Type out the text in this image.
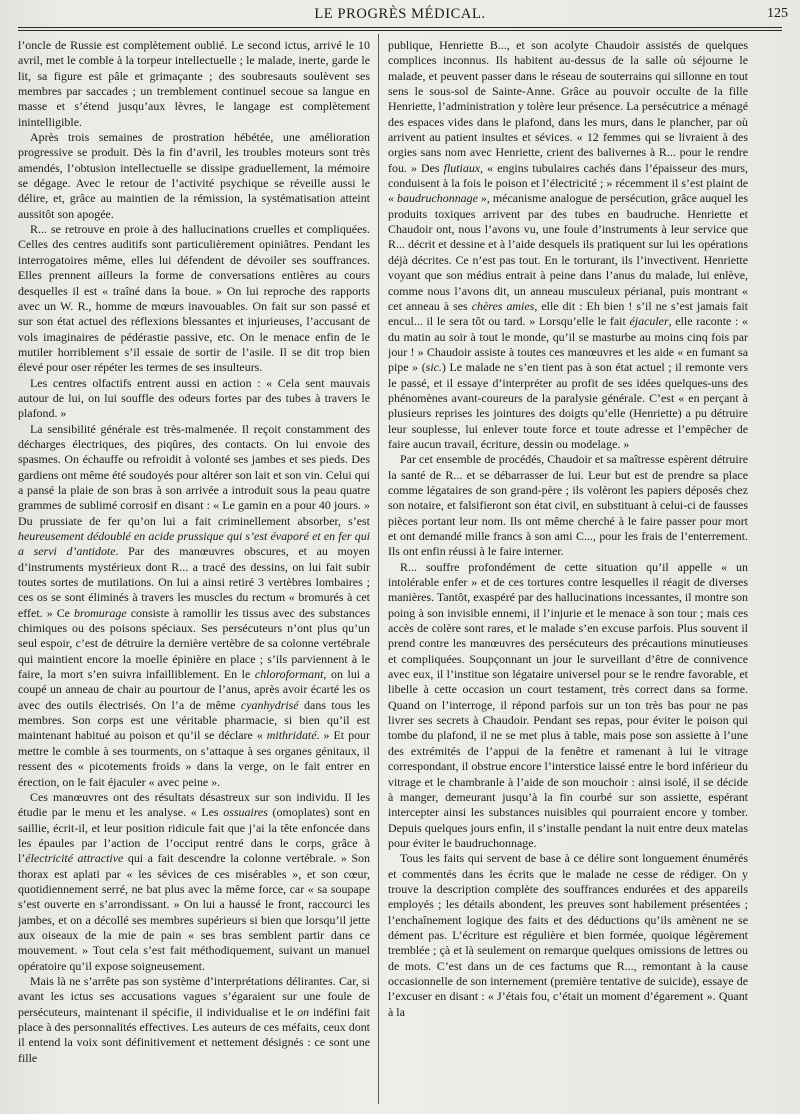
LE PROGRÈS MÉDICAL.	125

l’oncle de Russie est complètement oublié. Le second ictus, arrivé le 10 avril, met le comble à la torpeur intellectuelle ; le malade, inerte, garde le lit, sa figure est pâle et grimaçante ; des soubresauts soulèvent ses membres par saccades ; un tremblement continuel secoue sa langue en masse et s’étend jusqu’aux lèvres, le langage est complètement inintelligible.

Après trois semaines de prostration hébétée, une amélioration progressive se produit. Dès la fin d’avril, les troubles moteurs sont très amendés, l’obtusion intellectuelle se dissipe graduellement, la mémoire se dégage. Avec le retour de l’activité psychique se réveille aussi le délire, et, grâce au maintien de la rémission, la systématisation atteint aussitôt son apogée.

R... se retrouve en proie à des hallucinations cruelles et compliquées. Celles des centres auditifs sont particulièrement opiniâtres. Pendant les interrogatoires même, elles lui défendent de dévoiler ses souffrances. Elles prennent ailleurs la forme de conversations entières au cours desquelles il est « traîné dans la boue. » On lui reproche des rapports avec un W. R., homme de mœurs inavouables. On fait sur son passé et sur son état actuel des réflexions blessantes et injurieuses, l’accusant de vols imaginaires de pédérastie passive, etc. On le menace enfin de le mutiler horriblement s’il essaie de sortir de l’asile. Il se dit trop bien élevé pour oser répéter les termes de ses insulteurs.

Les centres olfactifs entrent aussi en action : « Cela sent mauvais autour de lui, on lui souffle des odeurs fortes par des tubes à travers le plafond. »

La sensibilité générale est très-malmenée. Il reçoit constamment des décharges électriques, des piqûres, des contacts. On lui envoie des spasmes. On échauffe ou refroidit à volonté ses jambes et ses pieds. Des gardiens ont même été soudoyés pour altérer son lait et son vin. Celui qui a pansé la plaie de son bras à son arrivée a introduit sous la peau quatre grammes de sublimé corrosif en disant : « Le gamin en a pour 40 jours. » Du prussiate de fer qu’on lui a fait criminellement absorber, s’est heureusement dédoublé en acide prussique qui s’est évaporé et en fer qui a servi d’antidote. Par des manœuvres obscures, et au moyen d’instruments mystérieux dont R... a tracé des dessins, on lui fait subir toutes sortes de mutilations. On lui a ainsi retiré 3 vertèbres lombaires ; ces os se sont éliminés à travers les muscles du rectum « bromurés à cet effet. » Ce bromurage consiste à ramollir les tissus avec des substances chimiques ou des poisons spéciaux. Ses persécuteurs n’ont plus qu’un seul espoir, c’est de détruire la dernière vertèbre de sa colonne vertébrale qui maintient encore la moelle épinière en place ; s’ils parviennent à le faire, la mort s’en suivra infailliblement. En le chloroformant, on lui a coupé un anneau de chair au pourtour de l’anus, après avoir écarté les os avec des outils électrisés. On l’a de même cyanhydrisé dans tous les membres. Son corps est une véritable pharmacie, si bien qu’il est maintenant habitué au poison et qu’il se déclare « mithridaté. » Et pour mettre le comble à ses tourments, on s’attaque à ses organes génitaux, il ressent des « picotements froids » dans la verge, on le fait entrer en érection, on le fait éjaculer « avec peine ».

Ces manœuvres ont des résultats désastreux sur son individu. Il les étudie par le menu et les analyse. « Les ossuaires (omoplates) sont en saillie, écrit-il, et leur position ridicule fait que j’ai la tête enfoncée dans les épaules par l’action de l’occiput rentré dans le corps, grâce à l’électricité attractive qui a fait descendre la colonne vertébrale. » Son thorax est aplati par « les sévices de ces misérables », et son cœur, quotidiennement serré, ne bat plus avec la même force, car « sa soupape s’est ouverte en s’arrondissant. » On lui a haussé le front, raccourci les jambes, et on a décollé ses membres supérieurs si bien que lorsqu’il jette aux oiseaux de la mie de pain « ses bras semblent partir dans ce mouvement. » Tout cela s’est fait méthodiquement, suivant un manuel opératoire qu’il expose soigneusement.

Mais là ne s’arrête pas son système d’interprétations délirantes. Car, si avant les ictus ses accusations vagues s’égaraient sur une foule de persécuteurs, maintenant il spécifie, il individualise et le on indéfini fait place à des personnalités effectives. Les auteurs de ces méfaits, ceux dont il entend la voix sont définitivement et nettement désignés : ce sont une fille

publique, Henriette B..., et son acolyte Chaudoir assistés de quelques complices inconnus. Ils habitent au-dessus de la salle où séjourne le malade, et peuvent passer dans le réseau de souterrains qui sillonne en tout sens le sous-sol de Sainte-Anne. Grâce au pouvoir occulte de la fille Henriette, l’administration y tolère leur présence. La persécutrice a ménagé des espaces vides dans le plafond, dans les murs, dans le plancher, par où arrivent au patient insultes et sévices. « 12 femmes qui se livraient à des orgies sans nom avec Henriette, crient des balivernes à R... pour le rendre fou. » Des flutiaux, « engins tubulaires cachés dans l’épaisseur des murs, conduisent à la fois le poison et l’électricité ; » récemment il s’est plaint de « baudruchonnage », mécanisme analogue de persécution, grâce auquel les produits toxiques arrivent par des tubes en baudruche. Henriette et Chaudoir ont, nous l’avons vu, une foule d’instruments à leur service que R... décrit et dessine et à l’aide desquels ils pratiquent sur lui les opérations déjà décrites. Ce n’est pas tout. En le torturant, ils l’invectivent. Henriette voyant que son médius entrait à peine dans l’anus du malade, lui enlève, comme nous l’avons dit, un anneau musculeux périanal, puis montrant « cet anneau à ses chères amies, elle dit : Eh bien ! s’il ne s’est jamais fait encul... il le sera tôt ou tard. » Lorsqu’elle le fait éjaculer, elle raconte : « du matin au soir à tout le monde, qu’il se masturbe au moins cinq fois par jour ! » Chaudoir assiste à toutes ces manœuvres et les aide « en fumant sa pipe » (sic.) Le malade ne s’en tient pas à son état actuel ; il remonte vers le passé, et il essaye d’interpréter au profit de ses idées quelques-uns des phénomènes avant-coureurs de la paralysie générale. C’est « en perçant à plusieurs reprises les jointures des doigts qu’elle (Henriette) a pu détruire leur souplesse, lui enlever toute force et toute adresse et l’empêcher de faire aucun travail, écriture, dessin ou modelage. »

Par cet ensemble de procédés, Chaudoir et sa maîtresse espèrent détruire la santé de R... et se débarrasser de lui. Leur but est de prendre sa place comme légataires de son grand-père ; ils volèront les papiers déposés chez son notaire, et falsifieront son état civil, en substituant à celui-ci de fausses pièces portant leur nom. Ils ont même cherché à le faire passer pour mort et ont demandé mille francs à son ami C..., pour les frais de l’enterrement. Ils ont enfin réussi à le faire interner.

R... souffre profondément de cette situation qu’il appelle « un intolérable enfer » et de ces tortures contre lesquelles il réagit de diverses manières. Tantôt, exaspéré par des hallucinations incessantes, il montre son poing à son invisible ennemi, il l’injurie et le menace à son tour ; mais ces accès de colère sont rares, et le malade s’en excuse parfois. Plus souvent il prend contre les manœuvres des persécuteurs des précautions minutieuses et compliquées. Soupçonnant un jour le surveillant d’être de connivence avec eux, il l’institue son légataire universel pour se le rendre favorable, et libelle à cette occasion un court testament, très correct dans sa forme. Quand on l’interroge, il répond parfois sur un ton très bas pour ne pas livrer ses secrets à Chaudoir. Pendant ses repas, pour éviter le poison qui tombe du plafond, il ne se met plus à table, mais pose son assiette à l’une des extrémités de l’appui de la fenêtre et ramenant à lui le vitrage correspondant, il obstrue encore l’interstice laissé entre le bord inférieur du vitrage et le chambranle à l’aide de son mouchoir : ainsi isolé, il se décide à manger, demeurant jusqu’à la fin courbé sur son assiette, espérant intercepter ainsi les substances nuisibles qui pourraient encore y tomber. Depuis quelques jours enfin, il s’installe pendant la nuit entre deux matelas pour éviter le baudruchonnage.

Tous les faits qui servent de base à ce délire sont longuement énumérés et commentés dans les écrits que le malade ne cesse de rédiger. On y trouve la description complète des souffrances endurées et des appareils employés ; les détails abondent, les preuves sont habilement présentées ; l’enchaînement logique des faits et des déductions qu’ils amènent ne se dément pas. L’écriture est régulière et bien formée, quoique légèrement tremblée ; çà et là seulement on remarque quelques omissions de lettres ou de mots. C’est dans un de ces factums que R..., remontant à la cause occasionnelle de son internement (première tentative de suicide), essaye de l’excuser en disant : « J’étais fou, c’était un moment d’égarement ». Quant à la
